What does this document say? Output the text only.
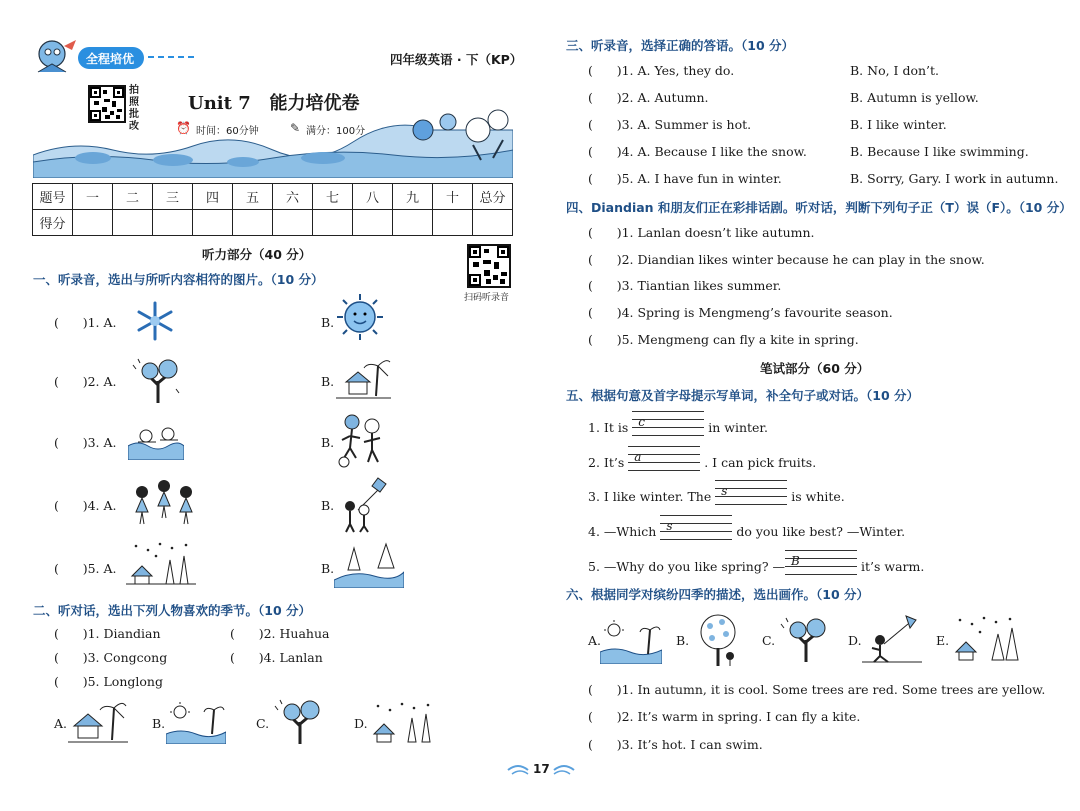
全程培优	四年级英语 · 下（KP）
拍照批改
Unit 7   能力培优卷
⏰ 时间：60分钟	✎ 满分：100分
题号	一	二	三	四	五	六	七	八	九	十	总分
得分											
听力部分（40 分）
扫码听录音
一、听录音，选出与所听内容相符的图片。（10 分）
(      )1. A.	B.
(      )2. A.	B.
(      )3. A.	B.
(      )4. A.	B.
(      )5. A.	B.
二、听对话，选出下列人物喜欢的季节。（10 分）
(      )1. Diandian	(      )2. Huahua
(      )3. Congcong	(      )4. Lanlan
(      )5. Longlong
A.	B.	C.	D.
三、听录音，选择正确的答语。（10 分）
(      )1. A. Yes, they do.	B. No, I don’t.
(      )2. A. Autumn.	B. Autumn is yellow.
(      )3. A. Summer is hot.	B. I like winter.
(      )4. A. Because I like the snow.	B. Because I like swimming.
(      )5. A. I have fun in winter.	B. Sorry, Gary. I work in autumn.
四、Diandian 和朋友们正在彩排话剧。听对话，判断下列句子正（T）误（F）。（10 分）
(      )1. Lanlan doesn’t like autumn.
(      )2. Diandian likes winter because he can play in the snow.
(      )3. Tiantian likes summer.
(      )4. Spring is Mengmeng’s favourite season.
(      )5. Mengmeng can fly a kite in spring.
笔试部分（60 分）
五、根据句意及首字母提示写单词，补全句子或对话。（10 分）
1. It is c	in winter.
2. It’s a	. I can pick fruits.
3. I like winter. The s	is white.
4. —Which s	do you like best? —Winter.
5. —Why do you like spring? — B	it’s warm.
六、根据同学对缤纷四季的描述，选出画作。（10 分）
A.	B.	C.	D.	E.
(      )1. In autumn, it is cool. Some trees are red. Some trees are yellow.
(      )2. It’s warm in spring. I can fly a kite.
(      )3. It’s hot. I can swim.
17
